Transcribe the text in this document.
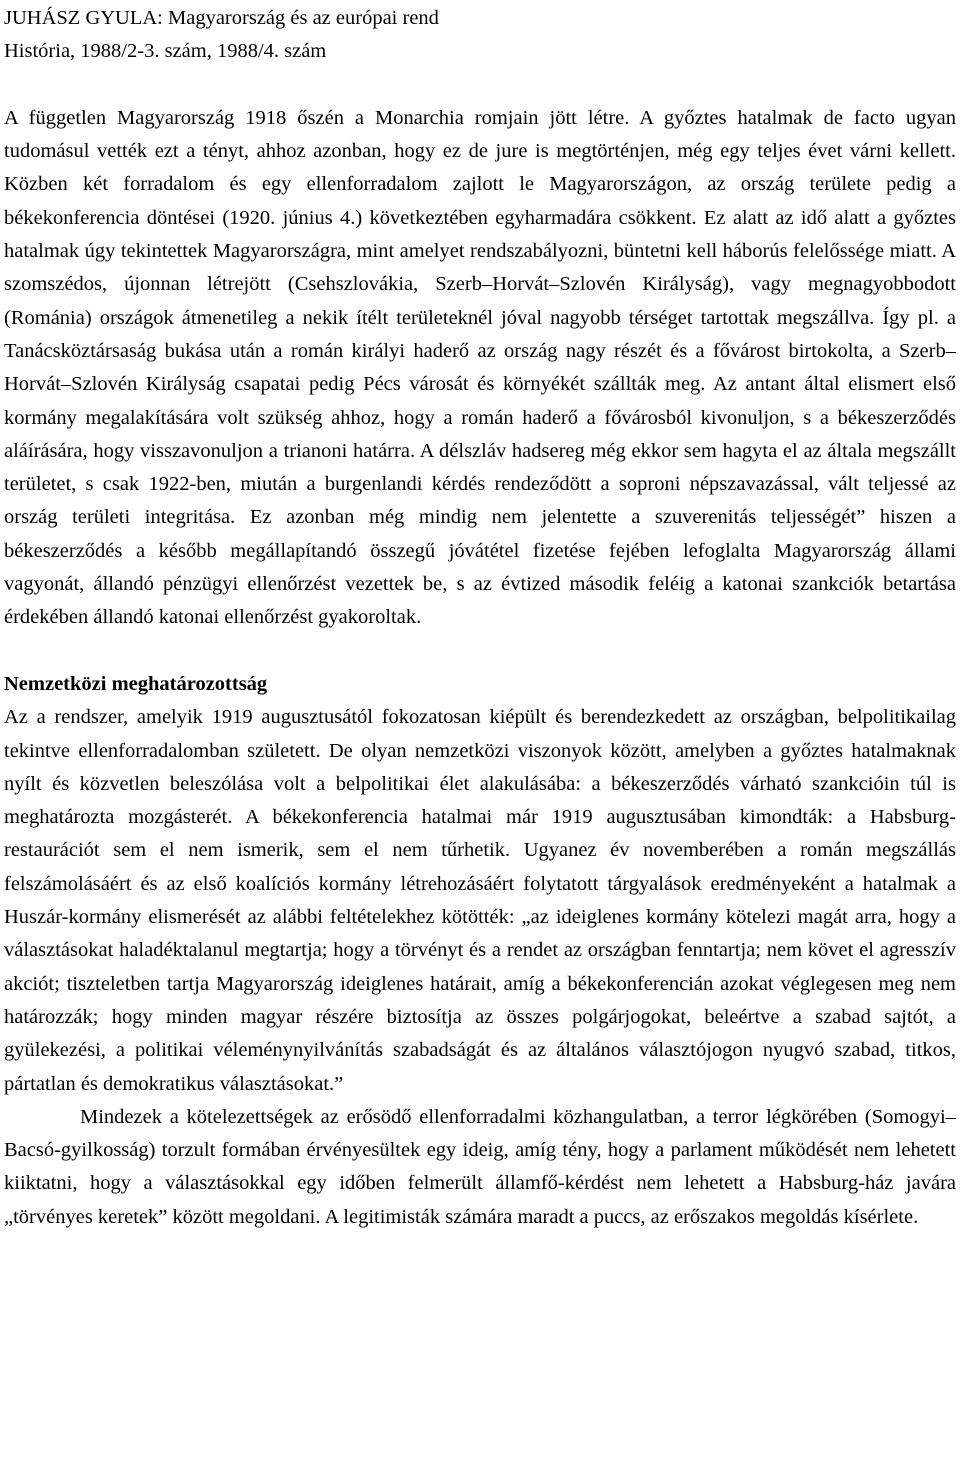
JUHÁSZ GYULA: Magyarország és az európai rend

História, 1988/2-3. szám, 1988/4. szám

A független Magyarország 1918 őszén a Monarchia romjain jött létre. A győztes hatalmak de facto ugyan tudomásul vették ezt a tényt, ahhoz azonban, hogy ez de jure is megtörténjen, még egy teljes évet várni kellett. Közben két forradalom és egy ellenforradalom zajlott le Magyarországon, az ország területe pedig a békekonferencia döntései (1920. június 4.) következtében egyharmadára csökkent. Ez alatt az idő alatt a győztes hatalmak úgy tekintettek Magyarországra, mint amelyet rendszabályozni, büntetni kell háborús felelőssége miatt. A szomszédos, újonnan létrejött (Csehszlovákia, Szerb–Horvát–Szlovén Királyság), vagy megnagyobbodott (Románia) országok átmenetileg a nekik ítélt területeknél jóval nagyobb térséget tartottak megszállva. Így pl. a Tanácsköztársaság bukása után a román királyi haderő az ország nagy részét és a fővárost birtokolta, a Szerb–Horvát–Szlovén Királyság csapatai pedig Pécs városát és környékét szállták meg. Az antant által elismert első kormány megalakítására volt szükség ahhoz, hogy a román haderő a fővárosból kivonuljon, s a békeszerződés aláírására, hogy visszavonuljon a trianoni határra. A délszláv hadsereg még ekkor sem hagyta el az általa megszállt területet, s csak 1922-ben, miután a burgenlandi kérdés rendeződött a soproni népszavazással, vált teljessé az ország területi integritása. Ez azonban még mindig nem jelentette a szuverenitás teljességét” hiszen a békeszerződés a később megállapítandó összegű jóvátétel fizetése fejében lefoglalta Magyarország állami vagyonát, állandó pénzügyi ellenőrzést vezettek be, s az évtized második feléig a katonai szankciók betartása érdekében állandó katonai ellenőrzést gyakoroltak.

Nemzetközi meghatározottság

Az a rendszer, amelyik 1919 augusztusától fokozatosan kiépült és berendezkedett az országban, belpolitikailag tekintve ellenforradalomban született. De olyan nemzetközi viszonyok között, amelyben a győztes hatalmaknak nyílt és közvetlen beleszólása volt a belpolitikai élet alakulásába: a békeszerződés várható szankcióin túl is meghatározta mozgásterét. A békekonferencia hatalmai már 1919 augusztusában kimondták: a Habsburg-restaurációt sem el nem ismerik, sem el nem tűrhetik. Ugyanez év novemberében a román megszállás felszámolásáért és az első koalíciós kormány létrehozásáért folytatott tárgyalások eredményeként a hatalmak a Huszár-kormány elismerését az alábbi feltételekhez kötötték: „az ideiglenes kormány kötelezi magát arra, hogy a választásokat haladéktalanul megtartja; hogy a törvényt és a rendet az országban fenntartja; nem követ el agresszív akciót; tiszteletben tartja Magyarország ideiglenes határait, amíg a békekonferencián azokat véglegesen meg nem határozzák; hogy minden magyar részére biztosítja az összes polgárjogokat, beleértve a szabad sajtót, a gyülekezési, a politikai véleménynyilvánítás szabadságát és az általános választójogon nyugvó szabad, titkos, pártatlan és demokratikus választásokat.”

Mindezek a kötelezettségek az erősödő ellenforradalmi közhangulatban, a terror légkörében (Somogyi–Bacsó-gyilkosság) torzult formában érvényesültek egy ideig, amíg tény, hogy a parlament működését nem lehetett kiiktatni, hogy a választásokkal egy időben felmerült államfő-kérdést nem lehetett a Habsburg-ház javára „törvényes keretek” között megoldani. A legitimisták számára maradt a puccs, az erőszakos megoldás kísérlete.
